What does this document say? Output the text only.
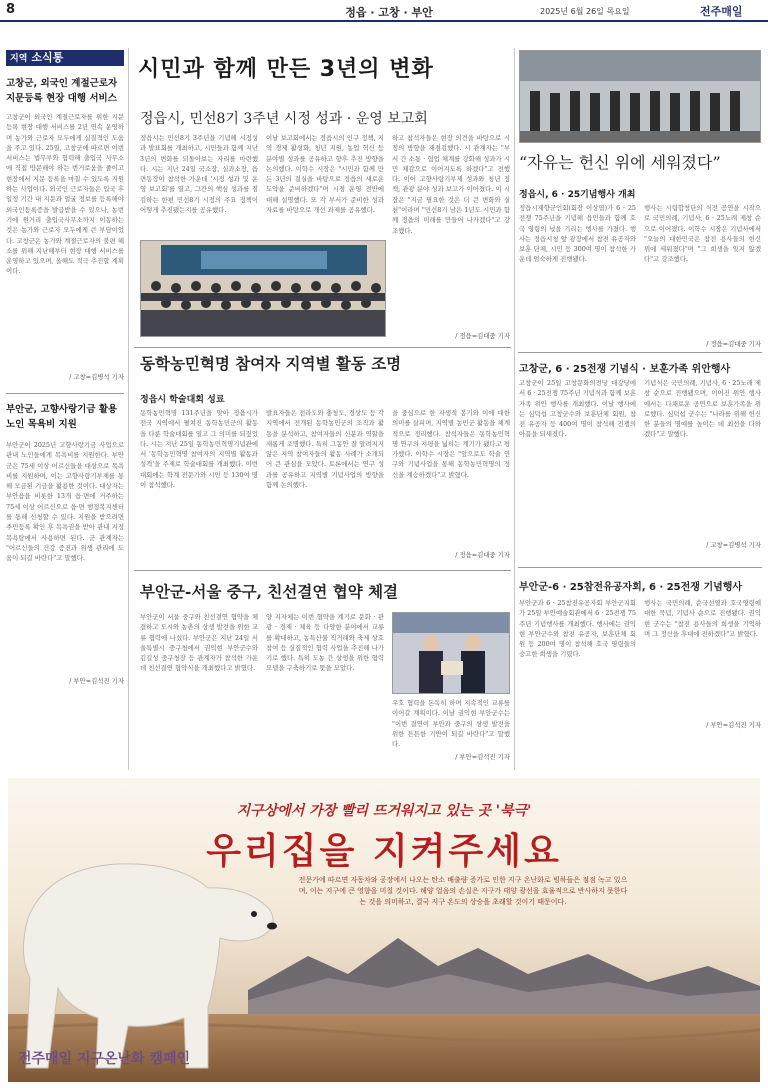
8	정읍 · 고창 · 부안	2025년 6월 26일 목요일	전주매일
지역 소식통
고창군, 외국인 계절근로자 지문등록 현장 대행 서비스
고창군이 외국인 계절근로자를 위한 지문등록 현장 대행 서비스를 2년 연속 운영하며 농가와 근로자 모두에게 실질적인 도움을 주고 있다. 25일, 고창군에 따르면 이번 서비스는 법무부와 협력해 출입국 사무소에 직접 방문해야 하는 번거로움을 줄이고 현장에서 지문 등록을 마칠 수 있도록 지원하는 사업이다. 외국인 근로자들은 입국 후 일정 기간 내 지문과 얼굴 정보를 등록해야 외국인등록증을 발급받을 수 있으나, 농번기에 원거리 출입국사무소까지 이동하는 것은 농가와 근로자 모두에게 큰 부담이었다. 고창군은 농가와 계절근로자의 불편 해소를 위해 지난해부터 현장 대행 서비스를 운영하고 있으며, 올해도 적극 추진할 계획이다.
/ 고창=김병석 기자
부안군, 고향사랑기금 활용 노인 목욕비 지원
부안군이 2025년 고향사랑기금 사업으로 관내 노인들에게 목욕비를 지원한다. 부안군은 75세 이상 어르신들을 대상으로 목욕비를 지원하며, 이는 고향사랑기부제를 통해 모금된 기금을 활용한 것이다. 대상자는 부안읍을 비롯한 13개 읍·면에 거주하는 75세 이상 어르신으로 읍·면 행정복지센터를 통해 신청할 수 있다. 지원을 받으려면 주민등록 확인 후 목욕권을 받아 관내 지정 목욕탕에서 사용하면 된다. 군 관계자는 "어르신들의 건강 증진과 위생 관리에 도움이 되길 바란다"고 말했다.
/ 부안=김석진 기자
시민과 함께 만든 3년의 변화
정읍시, 민선8기 3주년 시정 성과 · 운영 보고회
정읍시는 민선8기 3주년을 기념해 시정성과 발표회를 개최하고, 시민들과 함께 지난 3년의 변화를 되돌아보는 자리를 마련했다. 시는 지난 24일 국소장, 실과소장, 읍면동장이 참석한 가운데 '시정 성과 및 운영 보고회'를 열고, 그간의 핵심 성과를 점검하는 한편 민선8기 시정의 주요 정책이 어떻게 추진됐는지를 공유했다.
이날 보고회에서는 정읍시의 인구 정책, 지역 경제 활성화, 청년 지원, 농업 혁신 등 분야별 성과를 공유하고 향후 추진 방향을 논의했다. 이학수 시장은 "시민과 함께 만든 3년의 결실을 바탕으로 정읍의 새로운 도약을 준비하겠다"며 시정 운영 전반에 대해 설명했다. 또 각 부서가 준비한 성과 자료를 바탕으로 개선 과제를 공유했다.
하고 참석자들은 현장 의견을 바탕으로 시정의 방향을 재점검했다. 시 관계자는 "부서 간 소통 · 협업 체계를 강화해 성과가 시민 체감으로 이어지도록 하겠다"고 전했다. 이어 고향사랑기부제 성과와 청년 정책, 관광 분야 성과 보고가 이어졌다. 이 시장은 "지금 필요한 것은 더 큰 변화와 실천"이라며 "민선8기 남은 1년도 시민과 함께 정읍의 미래를 만들어 나가겠다"고 강조했다.
/ 정읍=김대중 기자
“자유는 헌신 위에 세워졌다”
정읍시, 6 · 25기념행사 개최
정읍시재향군인회(회장 이상엽)가 6 · 25전쟁 75주년을 기념해 읍민들과 함께 호국 영령의 넋을 기리는 행사를 가졌다. 행사는 정읍시청 앞 광장에서 참전 유공자와 보훈 단체, 시민 등 300여 명이 참석한 가운데 엄숙하게 진행됐다.
행사는 시립합창단의 식전 공연을 시작으로 국민의례, 기념사, 6 · 25노래 제창 순으로 이어졌다. 이학수 시장은 기념사에서 "오늘의 대한민국은 참전 용사들의 헌신 위에 세워졌다"며 "그 희생을 잊지 않겠다"고 강조했다.
/ 정읍=김대중 기자
동학농민혁명 참여자 지역별 활동 조명
정읍시 학술대회 성료
동학농민혁명 131주년을 맞아 정읍시가 전국 지역에서 펼쳐진 동학농민군의 활동을 다룬 학술대회를 열고 그 의미를 되짚었다. 시는 지난 25일 동학농민혁명기념관에서 '동학농민혁명 참여자의 지역별 활동과 성격'을 주제로 학술대회를 개최했다. 이번 대회에는 학계 전문가와 시민 등 130여 명이 참석했다.
발표자들은 전라도와 충청도, 경상도 등 각 지역에서 전개된 동학농민군의 조직과 활동을 분석하고, 참여자들의 신분과 역할을 새롭게 조명했다. 특히 그동안 잘 알려지지 않은 지역 참여자들의 활동 사례가 소개되어 큰 관심을 모았다. 토론에서는 연구 성과를 공유하고 지역별 기념사업의 방향을 함께 논의했다.
을 중심으로 한 자생적 봉기와 이에 대한 의미를 살피며, 지역별 농민군 활동을 체계적으로 정리했다. 참석자들은 동학농민혁명 연구의 지평을 넓히는 계기가 됐다고 평가했다. 이학수 시장은 "앞으로도 학술 연구와 기념사업을 통해 동학농민혁명의 정신을 계승하겠다"고 밝혔다.
/ 정읍=김대중 기자
부안군-서울 중구, 친선결연 협약 체결
부안군이 서울 중구와 친선결연 협약을 체결하고 도시와 농촌의 상생 발전을 위한 교류 협력에 나섰다. 부안군은 지난 24일 서울특별시 중구청에서 권익현 부안군수와 김길성 중구청장 등 관계자가 참석한 가운데 친선결연 협약식을 개최했다고 밝혔다.
양 지자체는 이번 협약을 계기로 문화 · 관광 · 경제 · 체육 등 다양한 분야에서 교류를 확대하고, 농특산물 직거래와 축제 상호 참여 등 실질적인 협력 사업을 추진해 나가기로 했다. 특히 도농 간 상생을 위한 협력 모델을 구축하기로 뜻을 모았다.
우호 협력을 돈독히 하며 지속적인 교류를 이어갈 계획이다. 이날 권익현 부안군수는 "이번 결연이 부안과 중구의 상생 발전을 위한 튼튼한 기반이 되길 바란다"고 말했다.
/ 부안=김석진 기자
고창군, 6 · 25전쟁 기념식 · 보훈가족 위안행사
고창군이 25일 고창문화의전당 대강당에서 6 · 25전쟁 75주년 기념식과 함께 보훈가족 위안 행사를 개최했다. 이날 행사에는 심덕섭 고창군수와 보훈단체 회원, 참전 유공자 등 400여 명이 참석해 전쟁의 아픔을 되새겼다.
기념식은 국민의례, 기념사, 6 · 25노래 제창 순으로 진행됐으며, 이어진 위안 행사에서는 다채로운 공연으로 보훈가족을 위로했다. 심덕섭 군수는 "나라를 위해 헌신한 분들의 명예를 높이는 데 최선을 다하겠다"고 말했다.
/ 고창=김병석 기자
부안군-6 · 25참전유공자회, 6 · 25전쟁 기념행사
부안군과 6 · 25참전유공자회 부안군지회가 25일 부안예술회관에서 6 · 25전쟁 75주년 기념행사를 개최했다. 행사에는 권익현 부안군수와 참전 유공자, 보훈단체 회원 등 200여 명이 참석해 호국 영령들의 숭고한 희생을 기렸다.
행사는 국민의례, 순국선열과 호국영령에 대한 묵념, 기념사 순으로 진행됐다. 권익현 군수는 "참전 용사들의 희생을 기억하며 그 정신을 후대에 전하겠다"고 밝혔다.
/ 부안=김석진 기자
지구상에서 가장 빨리 뜨거워지고 있는 곳 '북극'
우리집을 지켜주세요
전문가에 따르면 자동차와 공장에서 나오는 탄소 배출량 증가로 인한 지구 온난화로 빙하들은 점점 녹고 있으며, 이는 지구에 큰 영향을 미칠 것이다. 해양 얼음의 손실은 지구가 태양 광선을 효율적으로 반사하지 못한다는 것을 의미하고, 결국 지구 온도의 상승을 초래할 것이기 때문이다.
전주매일 지구온난화 캠페인
